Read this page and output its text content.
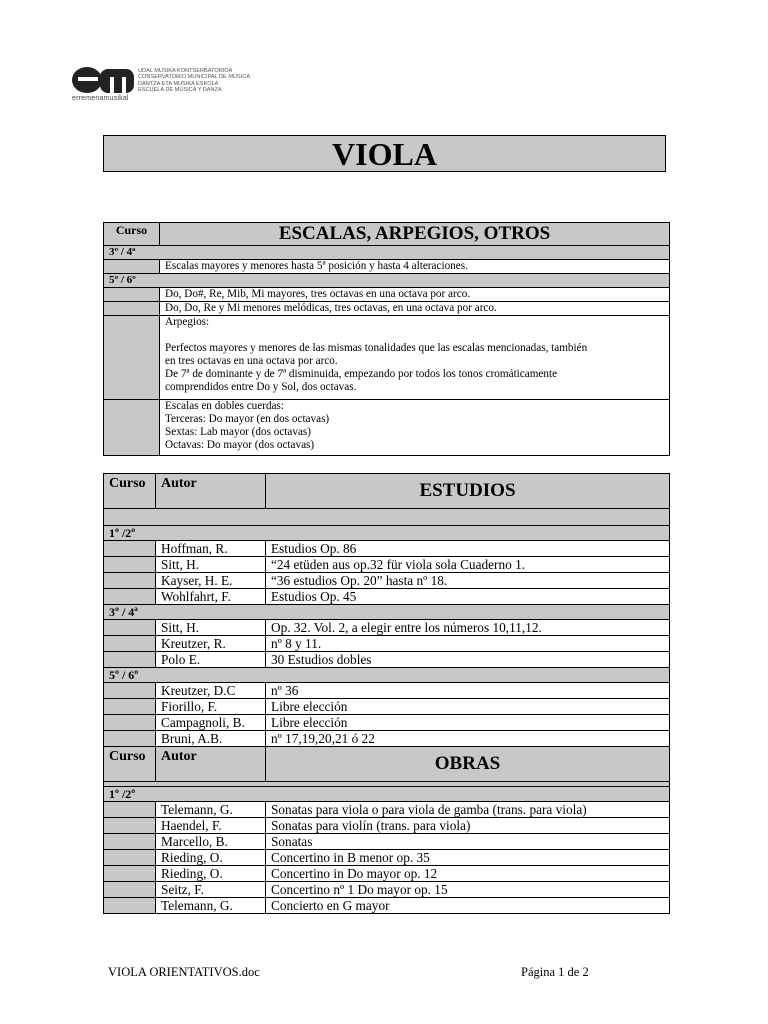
erremenamusikal
UDAL MUSIKA KONTSERBATORIOA
CONSERVATORIO MUNICIPAL DE MÚSICA
DANTZA ETA MUSIKA ESKOLA
ESCUELA DE MÚSICA Y DANZA
VIOLA
Curso	ESCALAS, ARPEGIOS, OTROS
3º / 4ª	
	Escalas mayores y menores hasta 5ª posición y hasta 4 alteraciones.
5º / 6º	
	Do, Do#, Re, Mib, Mi mayores, tres octavas en una octava por arco.
	Do, Do, Re y Mi menores melódicas, tres octavas, en una octava por arco.
	Arpegios:

Perfectos mayores y menores de las mismas tonalidades que las escalas mencionadas, también
en tres octavas en una octava por arco.
De 7ª de dominante y de 7ª disminuida, empezando por todos los tonos cromáticamente
comprendidos entre Do y Sol, dos octavas.
	Escalas en dobles cuerdas:
Terceras: Do mayor (en dos octavas)
Sextas: Lab mayor (dos octavas)
Octavas: Do mayor (dos octavas)
Curso	Autor	ESTUDIOS

1º /2º		
	Hoffman, R.	Estudios Op. 86
	Sitt, H.	“24 etüden aus op.32 für viola sola Cuaderno 1.
	Kayser, H. E.	“36 estudios Op. 20” hasta nº 18.
	Wohlfahrt, F.	Estudios Op. 45
3º / 4ª		
	Sitt, H.	Op. 32. Vol. 2, a elegir entre los números 10,11,12.
	Kreutzer, R.	nº 8 y 11.
	Polo E.	30 Estudios dobles
5º / 6º		
	Kreutzer, D.C	nº 36
	Fiorillo, F.	Libre elección
	Campagnoli, B.	Libre elección
	Bruni, A.B.	nº 17,19,20,21 ó 22
Curso	Autor	OBRAS

1º /2º		
	Telemann, G.	Sonatas para viola o para viola de gamba (trans. para viola)
	Haendel, F.	Sonatas para violín (trans. para viola)
	Marcello, B.	Sonatas
	Rieding, O.	Concertino in B menor op. 35
	Rieding, O.	Concertino in Do mayor op. 12
	Seitz, F.	Concertino nº 1 Do mayor op. 15
	Telemann, G.	Concierto en G mayor
VIOLA ORIENTATIVOS.doc	Página 1 de 2
